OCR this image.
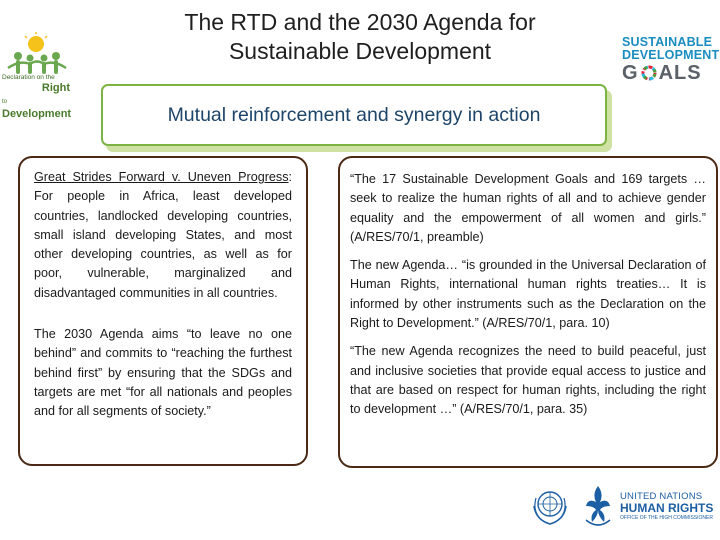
The RTD and the 2030 Agenda for
Sustainable Development
Declaration on the
Right
to Development
SUSTAINABLE
DEVELOPMENT
G ALS
Mutual reinforcement and synergy in action

Great Strides Forward v. Uneven Progress: For people in Africa, least developed countries, landlocked developing countries, small island developing States, and most other developing countries, as well as for poor, vulnerable, marginalized and disadvantaged communities in all countries.

The 2030 Agenda aims “to leave no one behind” and commits to “reaching the furthest behind first” by ensuring that the SDGs and targets are met “for all nationals and peoples and for all segments of society.”

“The 17 Sustainable Development Goals and 169 targets … seek to realize the human rights of all and to achieve gender equality and the empowerment of all women and girls.” (A/RES/70/1, preamble)

The new Agenda… “is grounded in the Universal Declaration of Human Rights, international human rights treaties… It is informed by other instruments such as the Declaration on the Right to Development.” (A/RES/70/1, para. 10)

“The new Agenda recognizes the need to build peaceful, just and inclusive societies that provide equal access to justice and that are based on respect for human rights, including the right to development …” (A/RES/70/1, para. 35)

UNITED NATIONS
HUMAN RIGHTS
OFFICE OF THE HIGH COMMISSIONER
